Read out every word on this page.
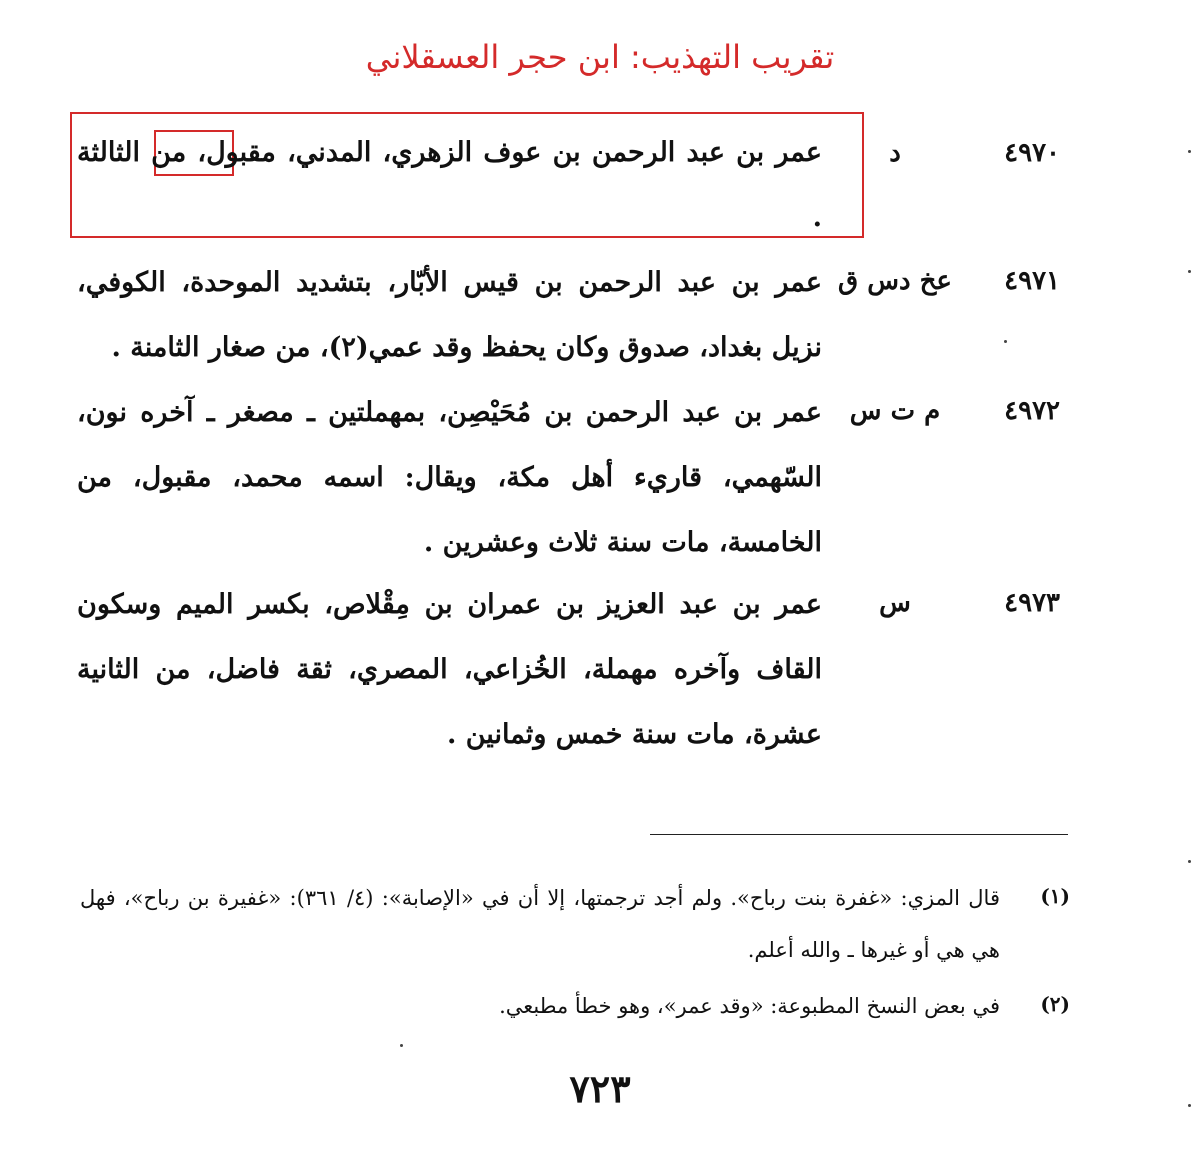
تقريب التهذيب: ابن حجر العسقلاني
٤٩٧٠
د
عمر بن عبد الرحمن بن عوف الزهري، المدني، مقبول، من الثالثة .
٤٩٧١
عخ دس ق
عمر بن عبد الرحمن بن قيس الأبّار، بتشديد الموحدة، الكوفي، نزيل بغداد، صدوق وكان يحفظ وقد عمي(٢)، من صغار الثامنة .
٤٩٧٢
م ت س
عمر بن عبد الرحمن بن مُحَيْصِن، بمهملتين ـ مصغر ـ آخره نون، السّهمي، قاريء أهل مكة، ويقال: اسمه محمد، مقبول، من الخامسة، مات سنة ثلاث وعشرين .
٤٩٧٣
س
عمر بن عبد العزيز بن عمران بن مِقْلاص، بكسر الميم وسكون القاف وآخره مهملة، الخُزاعي، المصري، ثقة فاضل، من الثانية عشرة، مات سنة خمس وثمانين .
(١)
قال المزي: «غفرة بنت رباح». ولم أجد ترجمتها، إلا أن في «الإصابة»: (٤/ ٣٦١): «غفيرة بن رباح»، فهل هي هي أو غيرها ـ والله أعلم.
(٢)
في بعض النسخ المطبوعة: «وقد عمر»، وهو خطأ مطبعي.
٧٢٣
